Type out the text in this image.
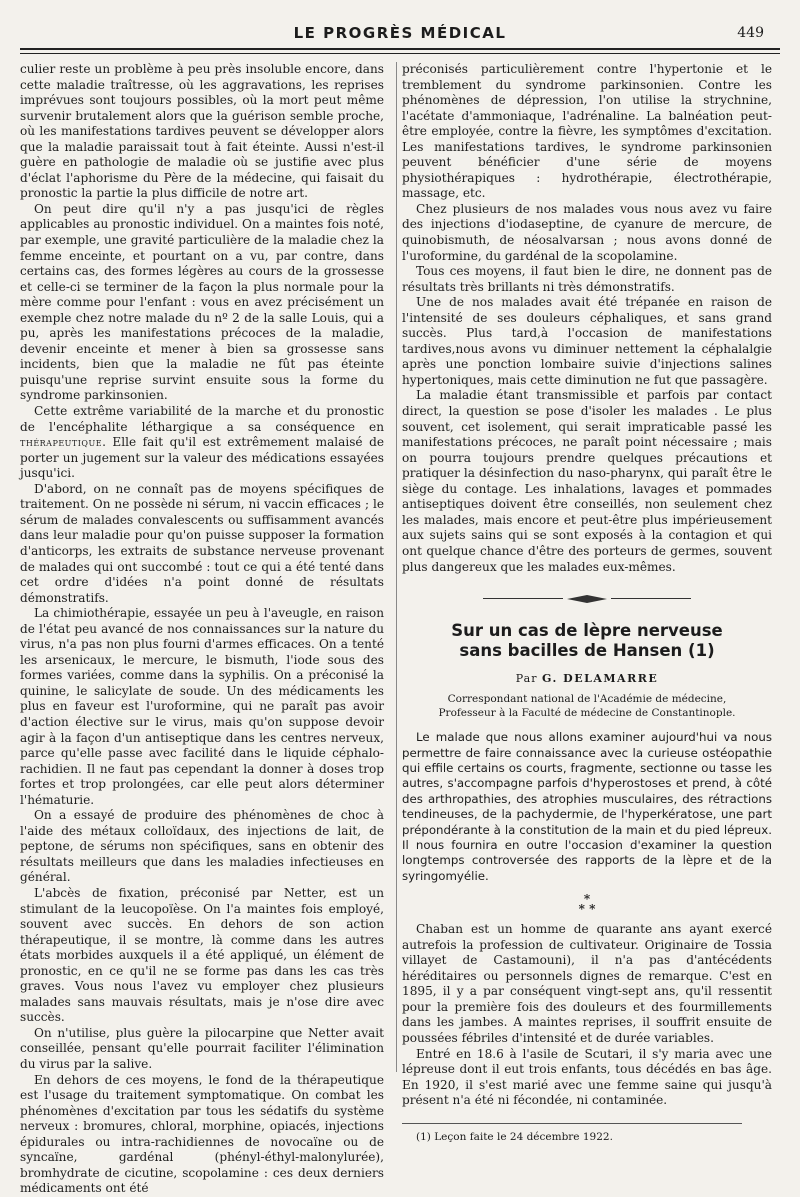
LE PROGRÈS MÉDICAL	449

culier reste un problème à peu près insoluble encore, dans cette maladie traîtresse, où les aggravations, les reprises imprévues sont toujours possibles, où la mort peut même survenir brutalement alors que la guérison semble proche, où les manifestations tardives peuvent se développer alors que la maladie paraissait tout à fait éteinte. Aussi n'est-il guère en pathologie de maladie où se justifie avec plus d'éclat l'aphorisme du Père de la médecine, qui faisait du pronostic la partie la plus difficile de notre art.

On peut dire qu'il n'y a pas jusqu'ici de règles applicables au pronostic individuel. On a maintes fois noté, par exemple, une gravité particulière de la maladie chez la femme enceinte, et pourtant on a vu, par contre, dans certains cas, des formes légères au cours de la grossesse et celle-ci se terminer de la façon la plus normale pour la mère comme pour l'enfant : vous en avez précisément un exemple chez notre malade du nº 2 de la salle Louis, qui a pu, après les manifestations précoces de la maladie, devenir enceinte et mener à bien sa grossesse sans incidents, bien que la maladie ne fût pas éteinte puisqu'une reprise survint ensuite sous la forme du syndrome parkinsonien.

Cette extrême variabilité de la marche et du pronostic de l'encéphalite léthargique a sa conséquence en thérapeutique. Elle fait qu'il est extrêmement malaisé de porter un jugement sur la valeur des médications essayées jusqu'ici.

D'abord, on ne connaît pas de moyens spécifiques de traitement. On ne possède ni sérum, ni vaccin efficaces ; le sérum de malades convalescents ou suffisamment avancés dans leur maladie pour qu'on puisse supposer la formation d'anticorps, les extraits de substance nerveuse provenant de malades qui ont succombé : tout ce qui a été tenté dans cet ordre d'idées n'a point donné de résultats démonstratifs.

La chimiothérapie, essayée un peu à l'aveugle, en raison de l'état peu avancé de nos connaissances sur la nature du virus, n'a pas non plus fourni d'armes efficaces. On a tenté les arsenicaux, le mercure, le bismuth, l'iode sous des formes variées, comme dans la syphilis. On a préconisé la quinine, le salicylate de soude. Un des médicaments les plus en faveur est l'uroformine, qui ne paraît pas avoir d'action élective sur le virus, mais qu'on suppose devoir agir à la façon d'un antiseptique dans les centres nerveux, parce qu'elle passe avec facilité dans le liquide céphalo-rachidien. Il ne faut pas cependant la donner à doses trop fortes et trop prolongées, car elle peut alors déterminer l'hématurie.

On a essayé de produire des phénomènes de choc à l'aide des métaux colloïdaux, des injections de lait, de peptone, de sérums non spécifiques, sans en obtenir des résultats meilleurs que dans les maladies infectieuses en général.

L'abcès de fixation, préconisé par Netter, est un stimulant de la leucopoïèse. On l'a maintes fois employé, souvent avec succès. En dehors de son action thérapeutique, il se montre, là comme dans les autres états morbides auxquels il a été appliqué, un élément de pronostic, en ce qu'il ne se forme pas dans les cas très graves. Vous nous l'avez vu employer chez plusieurs malades sans mauvais résultats, mais je n'ose dire avec succès.

On n'utilise, plus guère la pilocarpine que Netter avait conseillée, pensant qu'elle pourrait faciliter l'élimination du virus par la salive.

En dehors de ces moyens, le fond de la thérapeutique est l'usage du traitement symptomatique. On combat les phénomènes d'excitation par tous les sédatifs du système nerveux : bromures, chloral, morphine, opiacés, injections épidurales ou intra-rachidiennes de novocaïne ou de syncaïne, gardénal (phényl-éthyl-malonylurée), bromhydrate de cicutine, scopolamine : ces deux derniers médicaments ont été

préconisés particulièrement contre l'hypertonie et le tremblement du syndrome parkinsonien. Contre les phénomènes de dépression, l'on utilise la strychnine, l'acétate d'ammoniaque, l'adrénaline. La balnéation peut-être employée, contre la fièvre, les symptômes d'excitation. Les manifestations tardives, le syndrome parkinsonien peuvent bénéficier d'une série de moyens physiothérapiques : hydrothérapie, électrothérapie, massage, etc.

Chez plusieurs de nos malades vous nous avez vu faire des injections d'iodaseptine, de cyanure de mercure, de quinobismuth, de néosalvarsan ; nous avons donné de l'uroformine, du gardénal de la scopolamine.

Tous ces moyens, il faut bien le dire, ne donnent pas de résultats très brillants ni très démonstratifs.

Une de nos malades avait été trépanée en raison de l'intensité de ses douleurs céphaliques, et sans grand succès. Plus tard,à l'occasion de manifestations tardives,nous avons vu diminuer nettement la céphalalgie après une ponction lombaire suivie d'injections salines hypertoniques, mais cette diminution ne fut que passagère.

La maladie étant transmissible et parfois par contact direct, la question se pose d'isoler les malades . Le plus souvent, cet isolement, qui serait impraticable passé les manifestations précoces, ne paraît point nécessaire ; mais on pourra toujours prendre quelques précautions et pratiquer la désinfection du naso-pharynx, qui paraît être le siège du contage. Les inhalations, lavages et pommades antiseptiques doivent être conseillés, non seulement chez les malades, mais encore et peut-être plus impérieusement aux sujets sains qui se sont exposés à la contagion et qui ont quelque chance d'être des porteurs de germes, souvent plus dangereux que les malades eux-mêmes.

Sur un cas de lèpre nerveuse
sans bacilles de Hansen (1)
Par G. DELAMARRE
Correspondant national de l'Académie de médecine,
Professeur à la Faculté de médecine de Constantinople.

Le malade que nous allons examiner aujourd'hui va nous permettre de faire connaissance avec la curieuse ostéopathie qui effile certains os courts, fragmente, sectionne ou tasse les autres, s'accompagne parfois d'hyperostoses et prend, à côté des arthropathies, des atrophies musculaires, des rétractions tendineuses, de la pachydermie, de l'hyperkératose, une part prépondérante à la constitution de la main et du pied lépreux. Il nous fournira en outre l'occasion d'examiner la question longtemps controversée des rapports de la lèpre et de la syringomyélie.

*
* *

Chaban est un homme de quarante ans ayant exercé autrefois la profession de cultivateur. Originaire de Tossia villayet de Castamouni), il n'a pas d'antécédents héréditaires ou personnels dignes de remarque. C'est en 1895, il y a par conséquent vingt-sept ans, qu'il ressentit pour la première fois des douleurs et des fourmillements dans les jambes. A maintes reprises, il souffrit ensuite de poussées fébriles d'intensité et de durée variables.

Entré en 18.6 à l'asile de Scutari, il s'y maria avec une lépreuse dont il eut trois enfants, tous décédés en bas âge. En 1920, il s'est marié avec une femme saine qui jusqu'à présent n'a été ni fécondée, ni contaminée.

(1) Leçon faite le 24 décembre 1922.
